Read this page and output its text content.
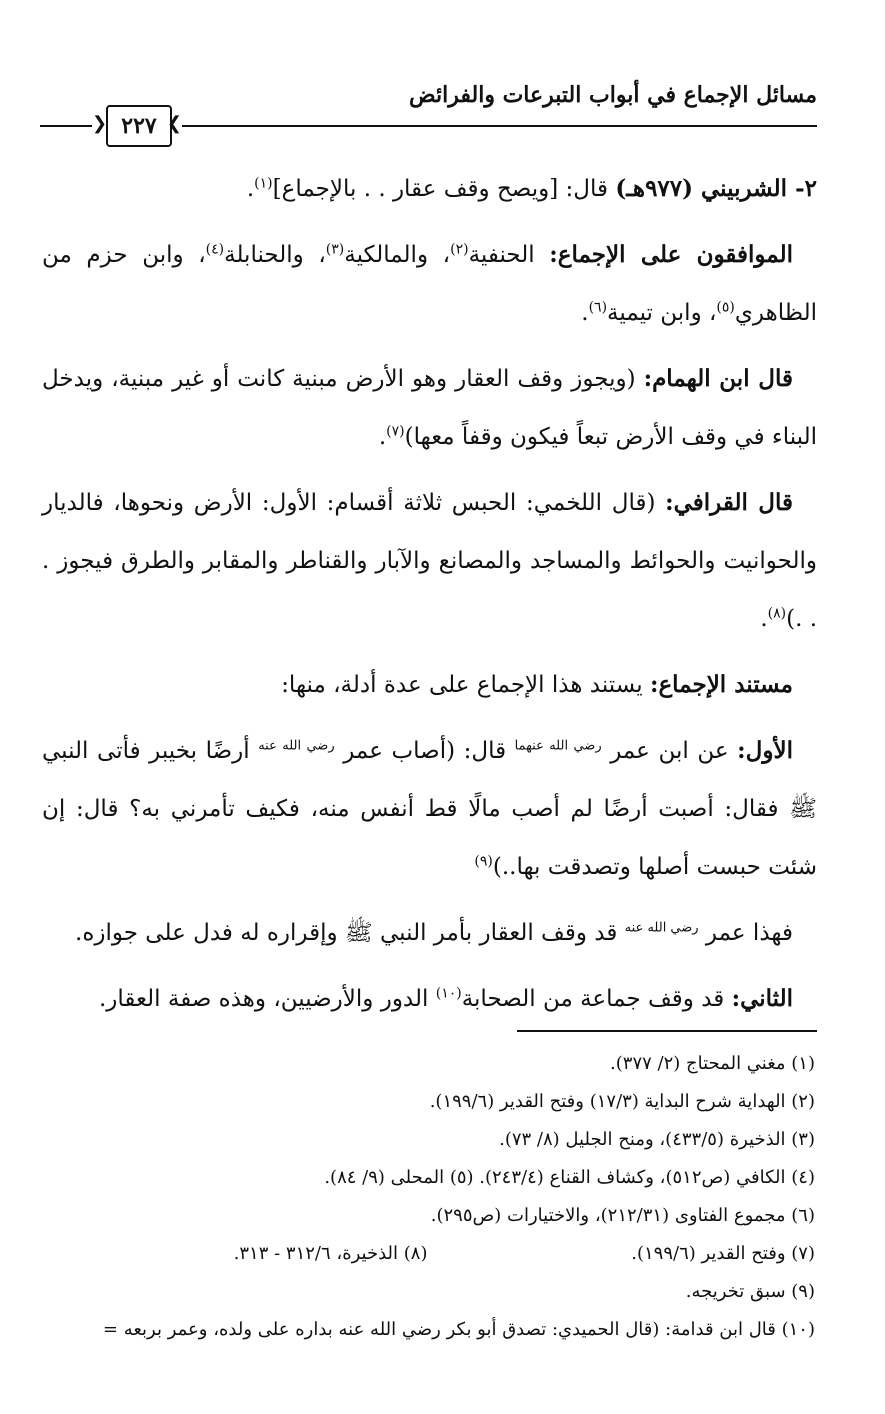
مسائل الإجماع في أبواب التبرعات والفرائض
❮ ٢٢٧ ❯

٢- الشربيني (٩٧٧هـ) قال: [ويصح وقف عقار . . بالإجماع]$^{(١)}$.

الموافقون على الإجماع: الحنفية$^{(٢)}$، والمالكية$^{(٣)}$، والحنابلة$^{(٤)}$، وابن حزم من الظاهري$^{(٥)}$، وابن تيمية$^{(٦)}$.

قال ابن الهمام: (ويجوز وقف العقار وهو الأرض مبنية كانت أو غير مبنية، ويدخل البناء في وقف الأرض تبعاً فيكون وقفاً معها)$^{(٧)}$.

قال القرافي: (قال اللخمي: الحبس ثلاثة أقسام: الأول: الأرض ونحوها، فالديار والحوانيت والحوائط والمساجد والمصانع والآبار والقناطر والمقابر والطرق فيجوز . . .)$^{(٨)}$.

مستند الإجماع: يستند هذا الإجماع على عدة أدلة، منها:

الأول: عن ابن عمر $^{رضي الله عنهما}$ قال: (أصاب عمر $^{رضي الله عنه}$ أرضًا بخيبر فأتى النبي ﷺ فقال: أصبت أرضًا لم أصب مالًا قط أنفس منه، فكيف تأمرني به؟ قال: إن شئت حبست أصلها وتصدقت بها..)$^{(٩)}$

فهذا عمر $^{رضي الله عنه}$ قد وقف العقار بأمر النبي ﷺ وإقراره له فدل على جوازه.

الثاني: قد وقف جماعة من الصحابة$^{(١٠)}$ الدور والأرضيين، وهذه صفة العقار.

(١) مغني المحتاج (٢/ ٣٧٧).
(٢) الهداية شرح البداية (١٧/٣) وفتح القدير (١٩٩/٦).
(٣) الذخيرة (٤٣٣/٥)، ومنح الجليل (٨/ ٧٣).
(٤) الكافي (ص٥١٢)، وكشاف القناع (٢٤٣/٤). (٥) المحلى (٩/ ٨٤).
(٦) مجموع الفتاوى (٢١٢/٣١)، والاختيارات (ص٢٩٥).
(٧) وفتح القدير (١٩٩/٦).
(٨) الذخيرة، ٣١٢/٦ - ٣١٣.
(٩) سبق تخريجه.
(١٠) قال ابن قدامة: (قال الحميدي: تصدق أبو بكر رضي الله عنه بداره على ولده، وعمر بربعه =
